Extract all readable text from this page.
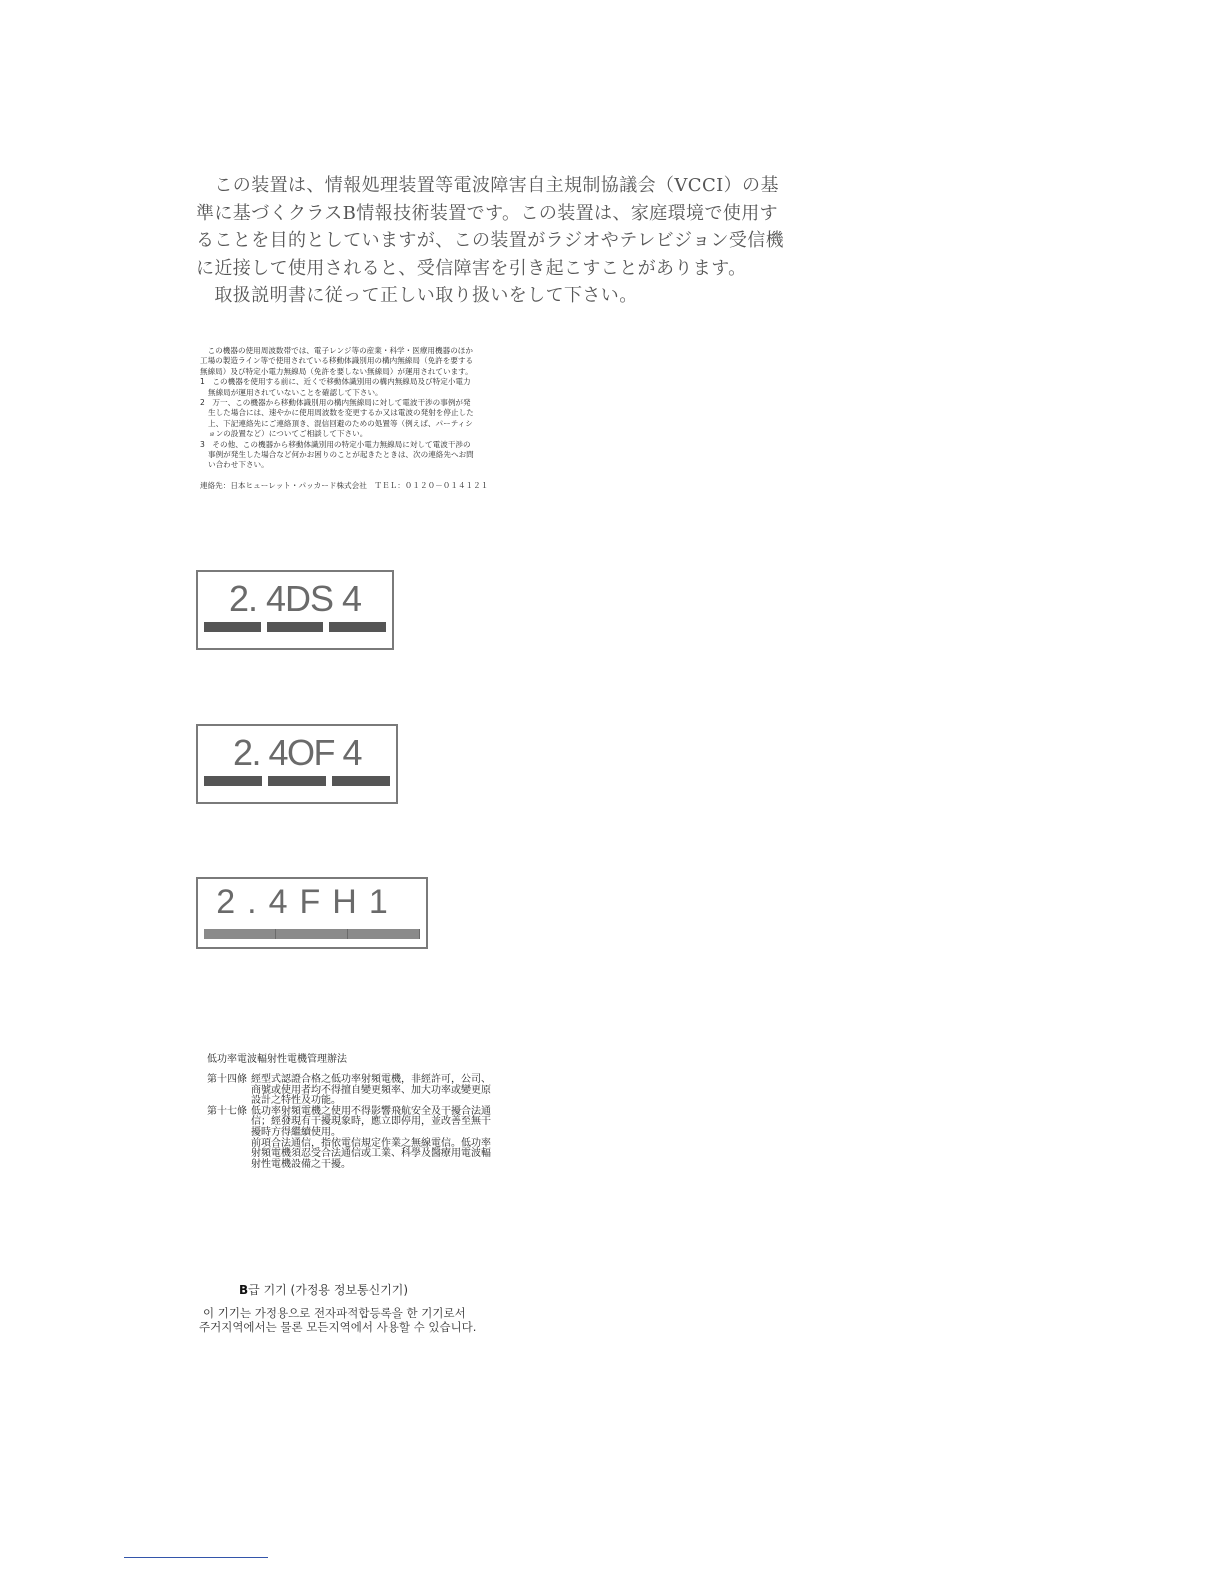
　この装置は、情報処理装置等電波障害自主規制協議会（VCCI）の基

準に基づくクラスB情報技術装置です。この装置は、家庭環境で使用す

ることを目的としていますが、この装置がラジオやテレビジョン受信機

に近接して使用されると、受信障害を引き起こすことがあります。

　取扱説明書に従って正しい取り扱いをして下さい。

　この機器の使用周波数帯では、電子レンジ等の産業・科学・医療用機器のほか

工場の製造ライン等で使用されている移動体識別用の構内無線局（免許を要する

無線局）及び特定小電力無線局（免許を要しない無線局）が運用されています。

1　この機器を使用する前に、近くで移動体識別用の構内無線局及び特定小電力

無線局が運用されていないことを確認して下さい。

2　万一、この機器から移動体識別用の構内無線局に対して電波干渉の事例が発

生した場合には、速やかに使用周波数を変更するか又は電波の発射を停止した

上、下記連絡先にご連絡頂き、混信回避のための処置等（例えば、パーティシ

ョンの設置など）についてご相談して下さい。

3　その他、この機器から移動体識別用の特定小電力無線局に対して電波干渉の

事例が発生した場合など何かお困りのことが起きたときは、次の連絡先へお問

い合わせ下さい。

連絡先：日本ヒューレット・パッカード株式会社　ＴＥＬ：０１２０－０１４１２１

2. 4DS 4
2. 4OF 4
2.4FH1

低功率電波輻射性電機管理辦法

第十四條 經型式認證合格之低功率射頻電機，非經許可，公司、

商號或使用者均不得擅自變更頻率、加大功率或變更原

設計之特性及功能。

第十七條 低功率射頻電機之使用不得影響飛航安全及干擾合法通

信；經發現有干擾現象時，應立即停用，並改善至無干

擾時方得繼續使用。

前項合法通信，指依電信規定作業之無線電信。低功率

射頻電機須忍受合法通信或工業、科學及醫療用電波輻

射性電機設備之干擾。

B급 기기 (가정용 정보통신기기)

이 기기는 가정용으로 전자파적합등록을 한 기기로서

주거지역에서는 물론 모든지역에서 사용할 수 있습니다.
